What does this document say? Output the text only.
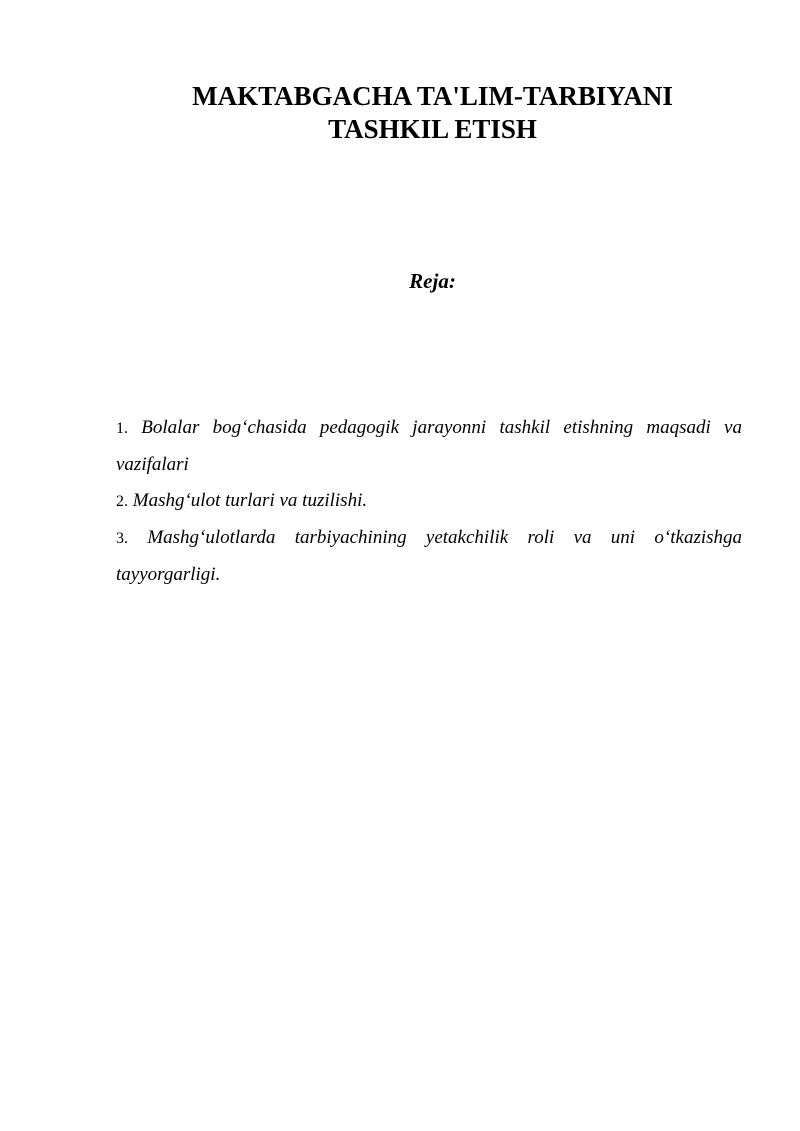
MAKTABGACHA TA'LIM-TARBIYANI
TASHKIL ETISH

Reja:

1. Bolalar bog‘chasida pedagogik jarayonni tashkil etishning maqsadi va vazifalari
2. Mashg‘ulot turlari va tuzilishi.
3. Mashg‘ulotlarda tarbiyachining yetakchilik roli va uni o‘tkazishga tayyorgarligi.
